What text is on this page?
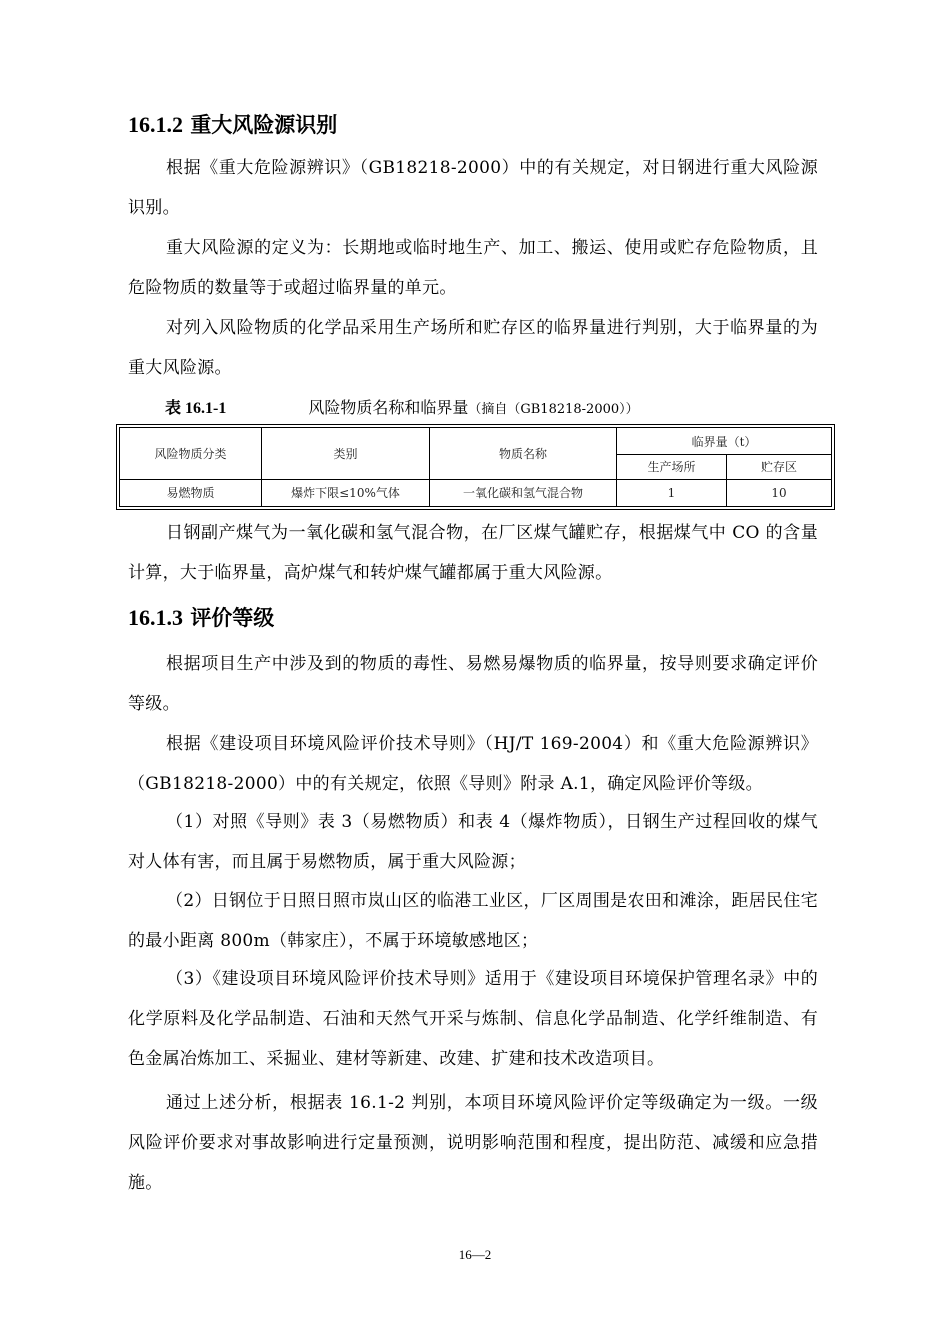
16.1.2 重大风险源识别

根据《重大危险源辨识》（GB18218-2000）中的有关规定，对日钢进行重大风险源识别。

重大风险源的定义为：长期地或临时地生产、加工、搬运、使用或贮存危险物质，且危险物质的数量等于或超过临界量的单元。

对列入风险物质的化学品采用生产场所和贮存区的临界量进行判别，大于临界量的为重大风险源。

表 16.1-1	风险物质名称和临界量（摘自（GB18218-2000））
风险物质分类	类别	物质名称	临界量（t）	
			生产场所	贮存区
易燃物质	爆炸下限≤10%气体	一氧化碳和氢气混合物	1	10

日钢副产煤气为一氧化碳和氢气混合物，在厂区煤气罐贮存，根据煤气中 CO 的含量计算，大于临界量，高炉煤气和转炉煤气罐都属于重大风险源。

16.1.3 评价等级

根据项目生产中涉及到的物质的毒性、易燃易爆物质的临界量，按导则要求确定评价等级。

根据《建设项目环境风险评价技术导则》（HJ/T 169-2004）和《重大危险源辨识》（GB18218-2000）中的有关规定，依照《导则》附录 A.1，确定风险评价等级。

（1）对照《导则》表 3（易燃物质）和表 4（爆炸物质），日钢生产过程回收的煤气对人体有害，而且属于易燃物质，属于重大风险源；

（2）日钢位于日照日照市岚山区的临港工业区，厂区周围是农田和滩涂，距居民住宅的最小距离 800m（韩家庄），不属于环境敏感地区；

（3）《建设项目环境风险评价技术导则》适用于《建设项目环境保护管理名录》中的化学原料及化学品制造、石油和天然气开采与炼制、信息化学品制造、化学纤维制造、有色金属冶炼加工、采掘业、建材等新建、改建、扩建和技术改造项目。

通过上述分析，根据表 16.1-2 判别，本项目环境风险评价定等级确定为一级。一级风险评价要求对事故影响进行定量预测，说明影响范围和程度，提出防范、减缓和应急措施。

16—2
